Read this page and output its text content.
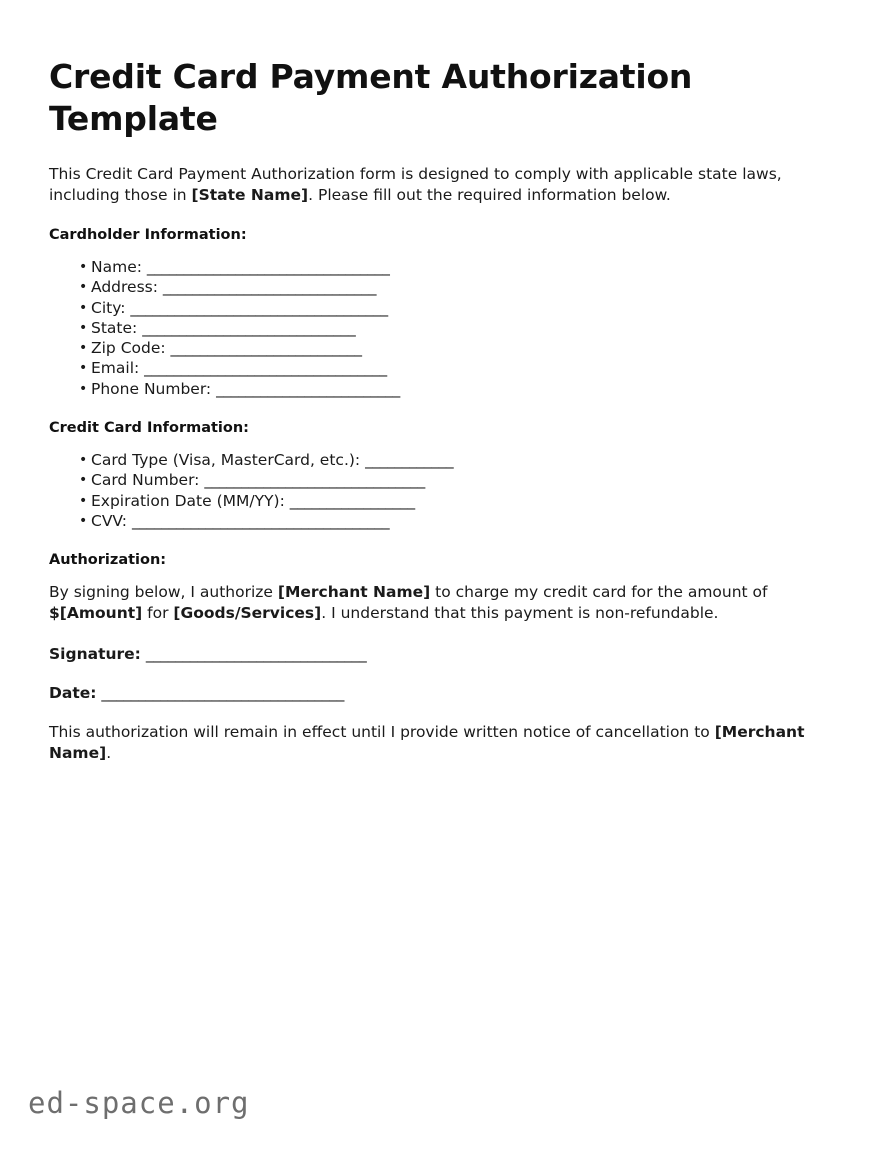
Credit Card Payment Authorization Template

This Credit Card Payment Authorization form is designed to comply with applicable state laws, including those in [State Name]. Please fill out the required information below.

Cardholder Information:
• Name: _________________________________
• Address: _____________________________
• City: ___________________________________
• State: _____________________________
• Zip Code: __________________________
• Email: _________________________________
• Phone Number: _________________________
Credit Card Information:
• Card Type (Visa, MasterCard, etc.): ____________
• Card Number: ______________________________
• Expiration Date (MM/YY): _________________
• CVV: ___________________________________
Authorization:

By signing below, I authorize [Merchant Name] to charge my credit card for the amount of $[Amount] for [Goods/Services]. I understand that this payment is non-refundable.

Signature: ______________________________

Date: _________________________________

This authorization will remain in effect until I provide written notice of cancellation to [Merchant Name].

ed-space.org
